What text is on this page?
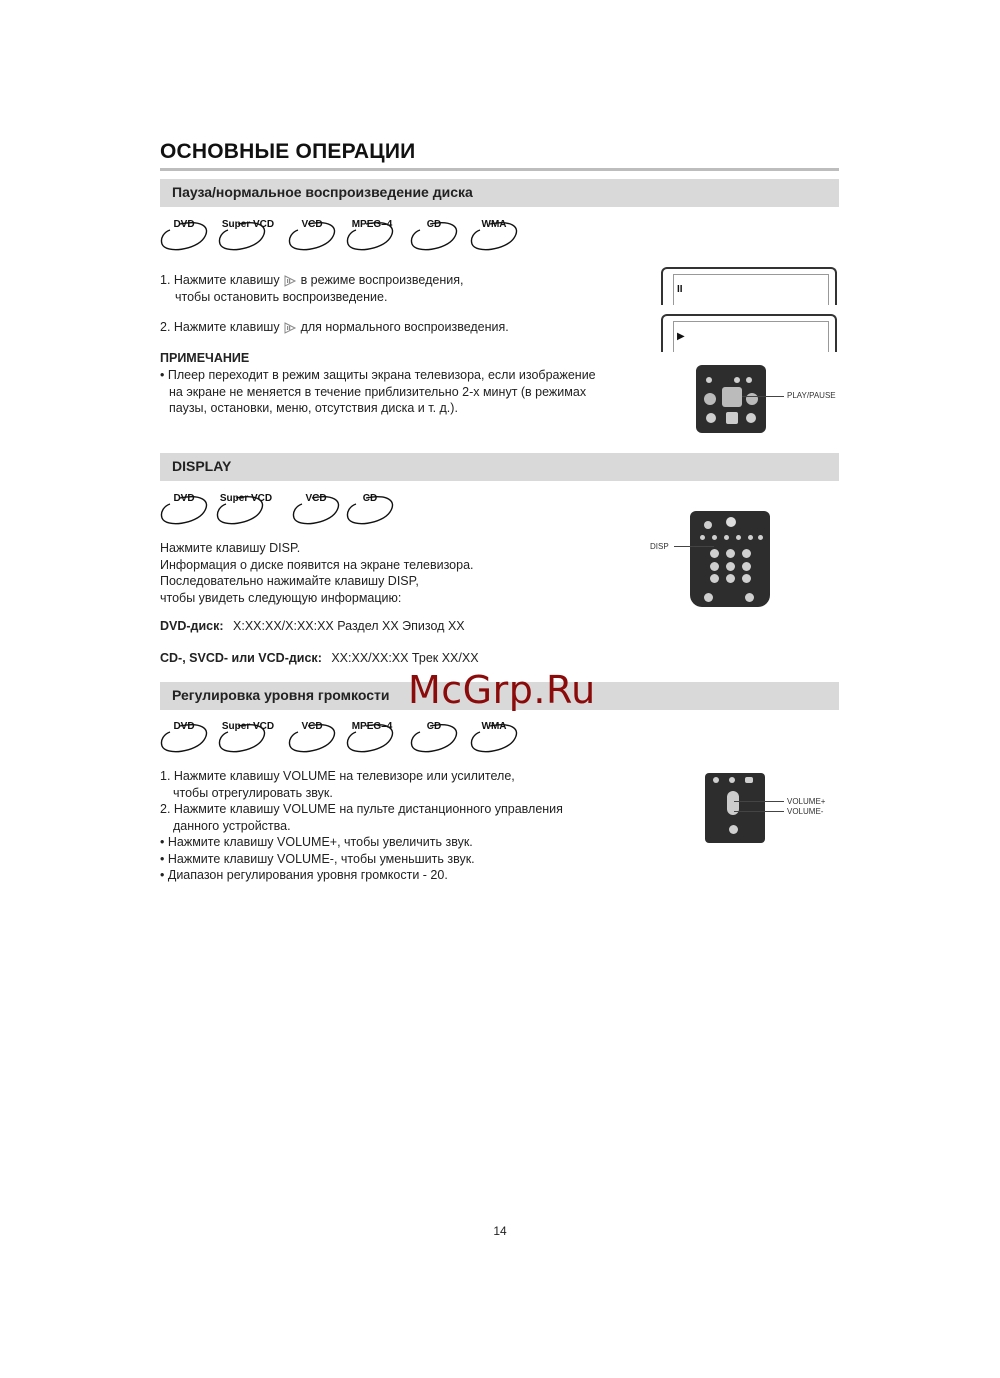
ОСНОВНЫЕ ОПЕРАЦИИ
Пауза/нормальное воспроизведение диска
DVD	Super VCD	VCD	MPEG–4	CD	WMA
1. Нажмите клавишу в режиме воспроизведения,
чтобы остановить воспроизведение.
2. Нажмите клавишу для нормального воспроизведения.
ПРИМЕЧАНИЕ
• Плеер переходит в режим защиты экрана телевизора, если изображение
на экране не меняется в течение приблизительно 2-х минут (в режимах
паузы, остановки, меню, отсутствия диска и т. д.).
II
▶
PLAY/PAUSE
DISPLAY
DVD	Super VCD	VCD	CD
Нажмите клавишу DISP.
Информация о диске появится на экране телевизора.
Последовательно нажимайте клавишу DISP,
чтобы увидеть следующую информацию:
DVD-диск: X:XX:XX/X:XX:XX Раздел XX Эпизод XX
CD-, SVCD- или VCD-диск: XX:XX/XX:XX Трек XX/XX
DISP
Регулировка уровня громкости McGrp.Ru
DVD	Super VCD	VCD	MPEG–4	CD	WMA
1. Нажмите клавишу VOLUME на телевизоре или усилителе,
чтобы отрегулировать звук.
2. Нажмите клавишу VOLUME на пульте дистанционного управления
данного устройства.
• Нажмите клавишу VOLUME+, чтобы увеличить звук.
• Нажмите клавишу VOLUME-, чтобы уменьшить звук.
• Диапазон регулирования уровня громкости - 20.
VOLUME+
VOLUME-
14
